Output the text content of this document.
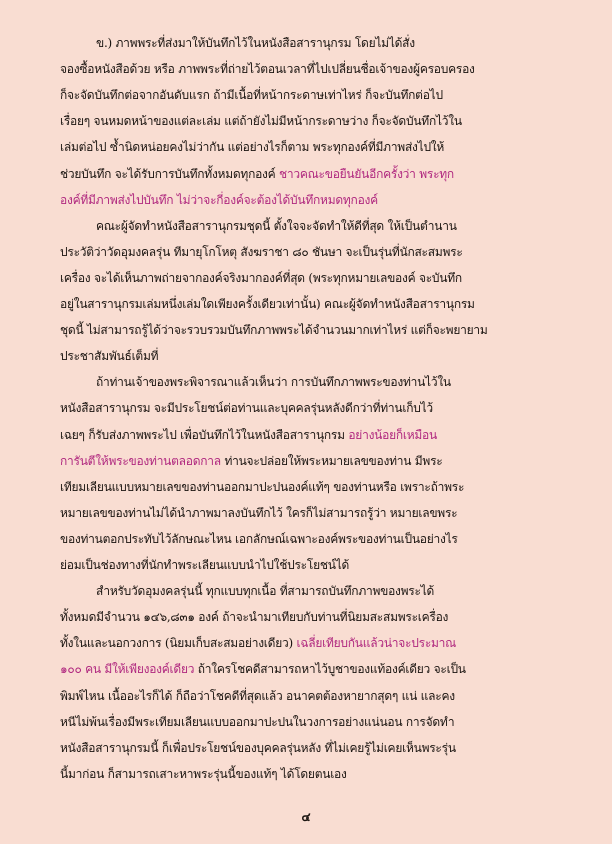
ข.) ภาพพระที่ส่งมาให้บันทึกไว้ในหนังสือสารานุกรม โดยไม่ได้สั่ง

จองซื้อหนังสือด้วย หรือ ภาพพระที่ถ่ายไว้ตอนเวลาที่ไปเปลี่ยนชื่อเจ้าของผู้ครอบครอง

ก็จะจัดบันทึกต่อจากอันดับแรก ถ้ามีเนื้อที่หน้ากระดาษเท่าไหร่ ก็จะบันทึกต่อไป

เรื่อยๆ จนหมดหน้าของแต่ละเล่ม แต่ถ้ายังไม่มีหน้ากระดาษว่าง ก็จะจัดบันทึกไว้ใน

เล่มต่อไป ซ้ำนิดหน่อยคงไม่ว่ากัน แต่อย่างไรก็ตาม พระทุกองค์ที่มีภาพส่งไปให้

ช่วยบันทึก จะได้รับการบันทึกทั้งหมดทุกองค์ ชาวคณะขอยืนยันอีกครั้งว่า พระทุก

องค์ที่มีภาพส่งไปบันทึก ไม่ว่าจะกี่องค์จะต้องได้บันทึกหมดทุกองค์

คณะผู้จัดทำหนังสือสารานุกรมชุดนี้ ตั้งใจจะจัดทำให้ดีที่สุด ให้เป็นตำนาน

ประวัติว่าวัดอุมงคลรุ่น ทีมายุโกโหตุ สังฆราชา ๘๐ ชันษา จะเป็นรุ่นที่นักสะสมพระ

เครื่อง จะได้เห็นภาพถ่ายจากองค์จริงมากองค์ที่สุด (พระทุกหมายเลของค์ จะบันทึก

อยู่ในสารานุกรมเล่มหนึ่งเล่มใดเพียงครั้งเดียวเท่านั้น) คณะผู้จัดทำหนังสือสารานุกรม

ชุดนี้ ไม่สามารถรู้ได้ว่าจะรวบรวมบันทึกภาพพระได้จำนวนมากเท่าไหร่ แต่ก็จะพยายาม

ประชาสัมพันธ์เต็มที่

ถ้าท่านเจ้าของพระพิจารณาแล้วเห็นว่า การบันทึกภาพพระของท่านไว้ใน

หนังสือสารานุกรม จะมีประโยชน์ต่อท่านและบุคคลรุ่นหลังดีกว่าที่ท่านเก็บไว้

เฉยๆ ก็รับส่งภาพพระไป เพื่อบันทึกไว้ในหนังสือสารานุกรม อย่างน้อยก็เหมือน

การันตีให้พระของท่านตลอดกาล ท่านจะปล่อยให้พระหมายเลขของท่าน มีพระ

เทียมเลียนแบบหมายเลขของท่านออกมาปะปนองค์แท้ๆ ของท่านหรือ เพราะถ้าพระ

หมายเลขของท่านไม่ได้นำภาพมาลงบันทึกไว้ ใครก็ไม่สามารถรู้ว่า หมายเลขพระ

ของท่านตอกประทับไว้ลักษณะไหน เอกลักษณ์เฉพาะองค์พระของท่านเป็นอย่างไร

ย่อมเป็นช่องทางที่นักทำพระเลียนแบบนำไปใช้ประโยชน์ได้

สำหรับวัดอุมงคลรุ่นนี้ ทุกแบบทุกเนื้อ ที่สามารถบันทึกภาพของพระได้

ทั้งหมดมีจำนวน ๑๔๖,๘๓๑ องค์ ถ้าจะนำมาเทียบกับท่านที่นิยมสะสมพระเครื่อง

ทั้งในและนอกวงการ (นิยมเก็บสะสมอย่างเดียว) เฉลี่ยเทียบกันแล้วน่าจะประมาณ

๑๐๐ คน มีให้เพียงองค์เดียว ถ้าใครโชคดีสามารถหาไว้บูชาของแท้องค์เดียว จะเป็น

พิมพ์ไหน เนื้ออะไรก็ได้ ก็ถือว่าโชคดีที่สุดแล้ว อนาคตต้องหายากสุดๆ แน่ และคง

หนีไม่พ้นเรื่องมีพระเทียมเลียนแบบออกมาปะปนในวงการอย่างแน่นอน การจัดทำ

หนังสือสารานุกรมนี้ ก็เพื่อประโยชน์ของบุคคลรุ่นหลัง ที่ไม่เคยรู้ไม่เคยเห็นพระรุ่น

นี้มาก่อน ก็สามารถเสาะหาพระรุ่นนี้ของแท้ๆ ได้โดยตนเอง

๔
